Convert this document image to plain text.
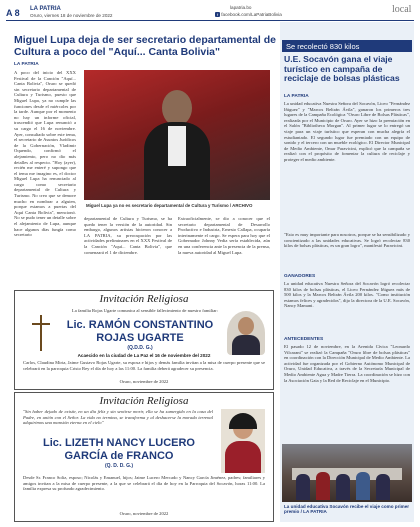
A 8 LA PATRIA
Oruro, viernes 18 de noviembre de 2022
lapatria.bo
f facebook.com/LaPatriaBolivia	local
Miguel Lupa deja de ser secretario departamental de Cultura a poco del "Aquí... Canta Bolivia"
LA PATRIA
A poco del inicio del XXX Festival de la Canción "Aquí... Canta Bolivia", Oruro se quedó sin secretario departamental de Cultura y Turismo, puesto que Miguel Lupa, ya no cumple las funciones desde el miércoles por la tarde. Aunque por el momento no hay un informe oficial, trascendió que Lupa renunció a su cargo el 16 de noviembre. Ayer, consultado sobre este tema, el secretario de Asuntos Jurídicos de la Gobernación, Vladimir Oquendo, confirmó el alejamiento, pero no dio más detalles al respecto. "Hoy (ayer), recién me enteré y supongo que el tema me imagino es, el doctor Miguel Lupa ha renunciado al cargo como secretario departamental de Cultura y Turismo. No creo que se demore mucho en nombrar a alguien, porque estamos a puertas del Aquí Canta Bolivia", mencionó. No se pudo tener un detalle sobre el alejamiento de Lupa, aunque hace algunos días fungía como secretario
Miguel Lupa ya no es secretario departamental de Cultura y Turismo / ARCHIVO
departamental de Cultura y Turismo, se ha quedo tener la versión de la autoridad. Sin embargo, algunos artistas hicieron conocer a LA PATRIA, su preocupación por las actividades preliminares en el XXX Festival de la Canción "Aquí... Canta Bolivia", que comenzará el 1 de diciembre.
Extraoficialmente, se dio a conocer que el secretario departamental de Desarrollo Productivo e Industria, Ernesto Callapa, ocuparía interinamente el cargo. Se espera para hoy que el Gobernador Johnny Vedia sería establecida, aún en una conferencia ante la presencia de la prensa, la nueva autoridad al Miguel Lupa.
Invitación Religiosa
La familia Rojas Ugarte comunica al sensible fallecimiento de nuestro familiar:
Lic. RAMÓN CONSTANTINO
ROJAS UGARTE
(Q.D.D. G.)
Acaecido en la ciudad de La Paz el 16 de noviembre del 2022
Carlos, Claudina Mirta, Jaime Gustavo Rojas Ugarte, su esposa e hijos y demás familia invitan a la misa de cuerpo presente que se celebrará en la parroquia Cristo Rey el día de hoy a las 11:00. La familia deberá agradecer su presencia.
Oruro, noviembre de 2022
Invitación Religiosa
"Sin haber dejado de existir, en un día feliz y sin sentirse morir, ella se ha sumergido en la casa del Padre, en unión con el Señor. La vida no termina, se transforma y al deshacerse la morada terrenal adquirimos una mansión eterna en el cielo"
Lic. LIZETH NANCY LUCERO
GARCÍA de FRANCO
(Q. D. D. G.)
Desde Sr. Franco Soliz, esposo; Nicolás y Emanuel, hijos; Jaime Lucero Mercado y Nancy García Jiménez, padres; familiares y amigos invitan a la misa de cuerpo presente, a la que se celebrará el día de hoy en la Parroquia del Socavón, horas 11:00. La familia expresa su profundo agradecimiento.
Oruro, noviembre de 2022
Se recolectó 830 kilos
U.E. Socavón gana el viaje turístico en campaña de reciclaje de bolsas plásticas
LA PATRIA
La unidad educativa Nuestra Señora del Socavón, Liceo "Fernández Iñiguez" y "Marcos Beltrán Ávila", ganaron los primeros tres lugares de la Campaña Ecológica "Oruro Libre de Bolsas Plásticas", realizada por el Municipio de Oruro. Ayer se hizo la premiación en el Salón "Bibliotheca Morgan". Al primer lugar se lo entregó un viaje para un viaje turístico que esperan con mucha alegría el estudiantado. El segundo lugar fue premiado con un equipo de sonido y el tercero con un mueble ecológico. El Director Municipal de Medio Ambiente, Omar Paravicini, explicó que la campaña se realizó con el propósito de fomentar la cultura de reciclaje y proteger el medio ambiente.
"Esto es muy importante para nosotros, porque se ha sensibilizado y concientizado a las unidades educativas. Se logró recolectar 830 kilos de bolsas plásticas, es un gran logro", manifestó Paravicini.
GANADORES
La unidad educativa Nuestra Señora del Socavón logró recolectar 830 kilos de bolsas plásticas, el Liceo Fernández Iñiguez más de 500 kilos y la Marcos Beltrán Ávila 200 kilos. "Como institución estamos felices y agradecidos", dijo la directora de la U.E. Socavón, Nancy Mamani.
ANTECEDENTES
El pasado 12 de noviembre, en la Avenida Cívica "Leonardo Vilcarani" se realizó la Campaña "Oruro libre de bolsas plásticas" en coordinación con la Dirección Municipal de Medio Ambiente. La actividad fue organizada por el Gobierno Autónomo Municipal de Oruro, Unidad Educativa, a través de la Secretaría Municipal de Medio Ambiente Agua y Madre Tierra. La coordinación se hizo con la Asociación Gaia y la Red de Reciclaje en el Municipio.
La unidad educativa Socavón recibe el viaje como primer premio / LA PATRIA
